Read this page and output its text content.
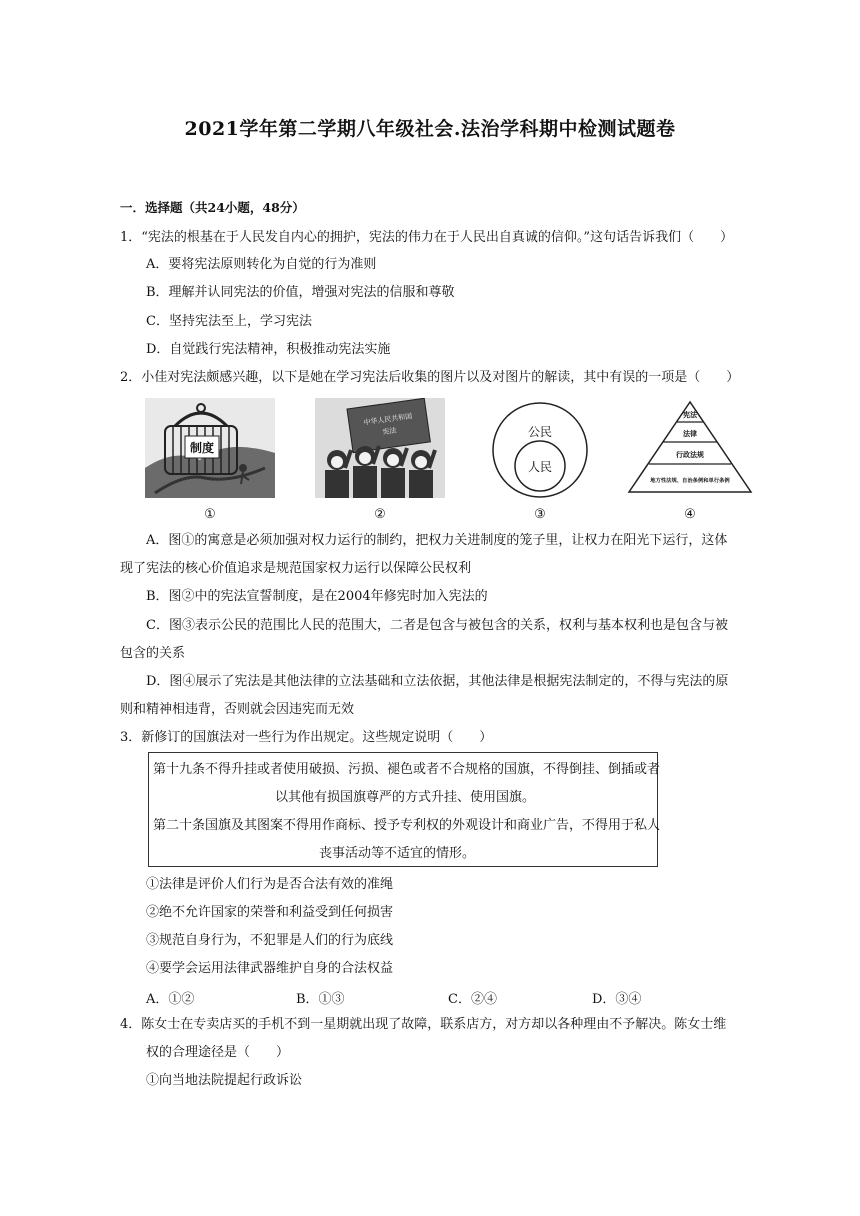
2021学年第二学期八年级社会.法治学科期中检测试题卷
一．选择题（共24小题，48分）
1．“宪法的根基在于人民发自内心的拥护，宪法的伟力在于人民出自真诚的信仰。”这句话告诉我们（　　）
A．要将宪法原则转化为自觉的行为准则
B．理解并认同宪法的价值，增强对宪法的信服和尊敬
C．坚持宪法至上，学习宪法
D．自觉践行宪法精神，积极推动宪法实施
2．小佳对宪法颇感兴趣，以下是她在学习宪法后收集的图片以及对图片的解读，其中有误的一项是（　　）
制度
①
中华人民共和国
宪法
②
公民
人民
③
宪法
法律
行政法规
地方性法规、自治条例和单行条例
④
A．图①的寓意是必须加强对权力运行的制约，把权力关进制度的笼子里，让权力在阳光下运行，这体
现了宪法的核心价值追求是规范国家权力运行以保障公民权利
B．图②中的宪法宣誓制度，是在2004年修宪时加入宪法的
C．图③表示公民的范围比人民的范围大，二者是包含与被包含的关系，权利与基本权利也是包含与被
包含的关系
D．图④展示了宪法是其他法律的立法基础和立法依据，其他法律是根据宪法制定的，不得与宪法的原
则和精神相违背，否则就会因违宪而无效
3．新修订的国旗法对一些行为作出规定。这些规定说明（　　）
第十九条不得升挂或者使用破损、污损、褪色或者不合规格的国旗，不得倒挂、倒插或者
以其他有损国旗尊严的方式升挂、使用国旗。
第二十条国旗及其图案不得用作商标、授予专利权的外观设计和商业广告，不得用于私人
丧事活动等不适宜的情形。
①法律是评价人们行为是否合法有效的准绳
②绝不允许国家的荣誉和利益受到任何损害
③规范自身行为，不犯罪是人们的行为底线
④要学会运用法律武器维护自身的合法权益
A．①②	B．①③	C．②④	D．③④
4．陈女士在专卖店买的手机不到一星期就出现了故障，联系店方，对方却以各种理由不予解决。陈女士维
权的合理途径是（　　）
①向当地法院提起行政诉讼
